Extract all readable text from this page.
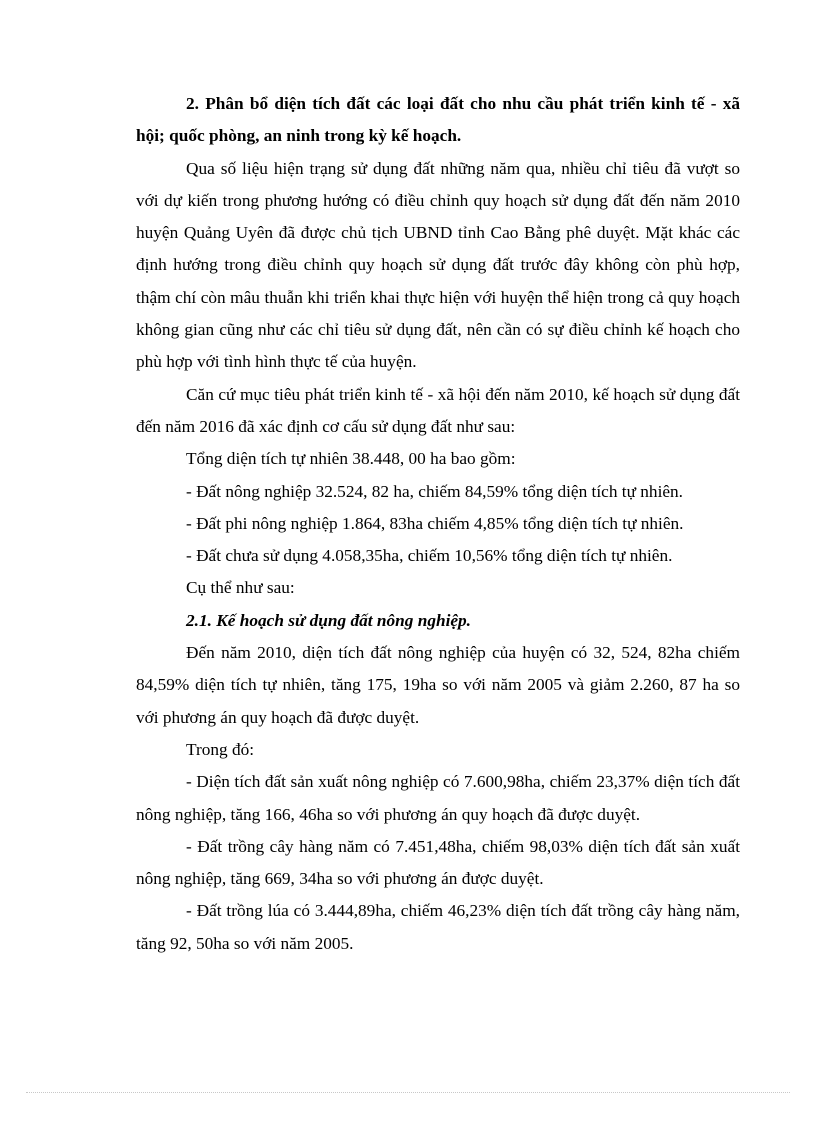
2. Phân bổ diện tích đất các loại đất cho nhu cầu phát triển kinh tế - xã hội; quốc phòng, an ninh trong kỳ kế hoạch.

Qua số liệu hiện trạng sử dụng đất những năm qua, nhiều chỉ tiêu đã vượt so với dự kiến trong phương hướng có điều chỉnh quy hoạch sử dụng đất đến năm 2010 huyện Quảng Uyên đã được chủ tịch UBND tỉnh Cao Bằng phê duyệt. Mặt khác các định hướng trong điều chỉnh quy hoạch sử dụng đất trước đây không còn phù hợp, thậm chí còn mâu thuẫn khi triển khai thực hiện với huyện thể hiện trong cả quy hoạch không gian cũng như các chỉ tiêu sử dụng đất, nên cần có sự điều chỉnh kế hoạch cho phù hợp với tình hình thực tế của huyện.

Căn cứ mục tiêu phát triển kinh tế - xã hội đến năm 2010, kế hoạch sử dụng đất đến năm 2016 đã xác định cơ cấu sử dụng đất như sau:

Tổng diện tích tự nhiên 38.448, 00 ha bao gồm:

- Đất nông nghiệp 32.524, 82 ha, chiếm 84,59% tổng diện tích tự nhiên.

- Đất phi nông nghiệp 1.864, 83ha chiếm 4,85% tổng diện tích tự nhiên.

- Đất chưa sử dụng 4.058,35ha, chiếm 10,56% tổng diện tích tự nhiên.

Cụ thể như sau:

2.1. Kế hoạch sử dụng đất nông nghiệp.

Đến năm 2010, diện tích đất nông nghiệp của huyện có 32, 524, 82ha chiếm 84,59% diện tích tự nhiên, tăng 175, 19ha so với năm 2005 và giảm 2.260, 87 ha so với phương án quy hoạch đã được duyệt.

Trong đó:

- Diện tích đất sản xuất nông nghiệp có 7.600,98ha, chiếm 23,37% diện tích đất nông nghiệp, tăng 166, 46ha so với phương án quy hoạch đã được duyệt.

- Đất trồng cây hàng năm có 7.451,48ha, chiếm 98,03% diện tích đất sản xuất nông nghiệp, tăng 669, 34ha so với phương án được duyệt.

- Đất trồng lúa có 3.444,89ha, chiếm 46,23% diện tích đất trồng cây hàng năm, tăng 92, 50ha so với năm 2005.
